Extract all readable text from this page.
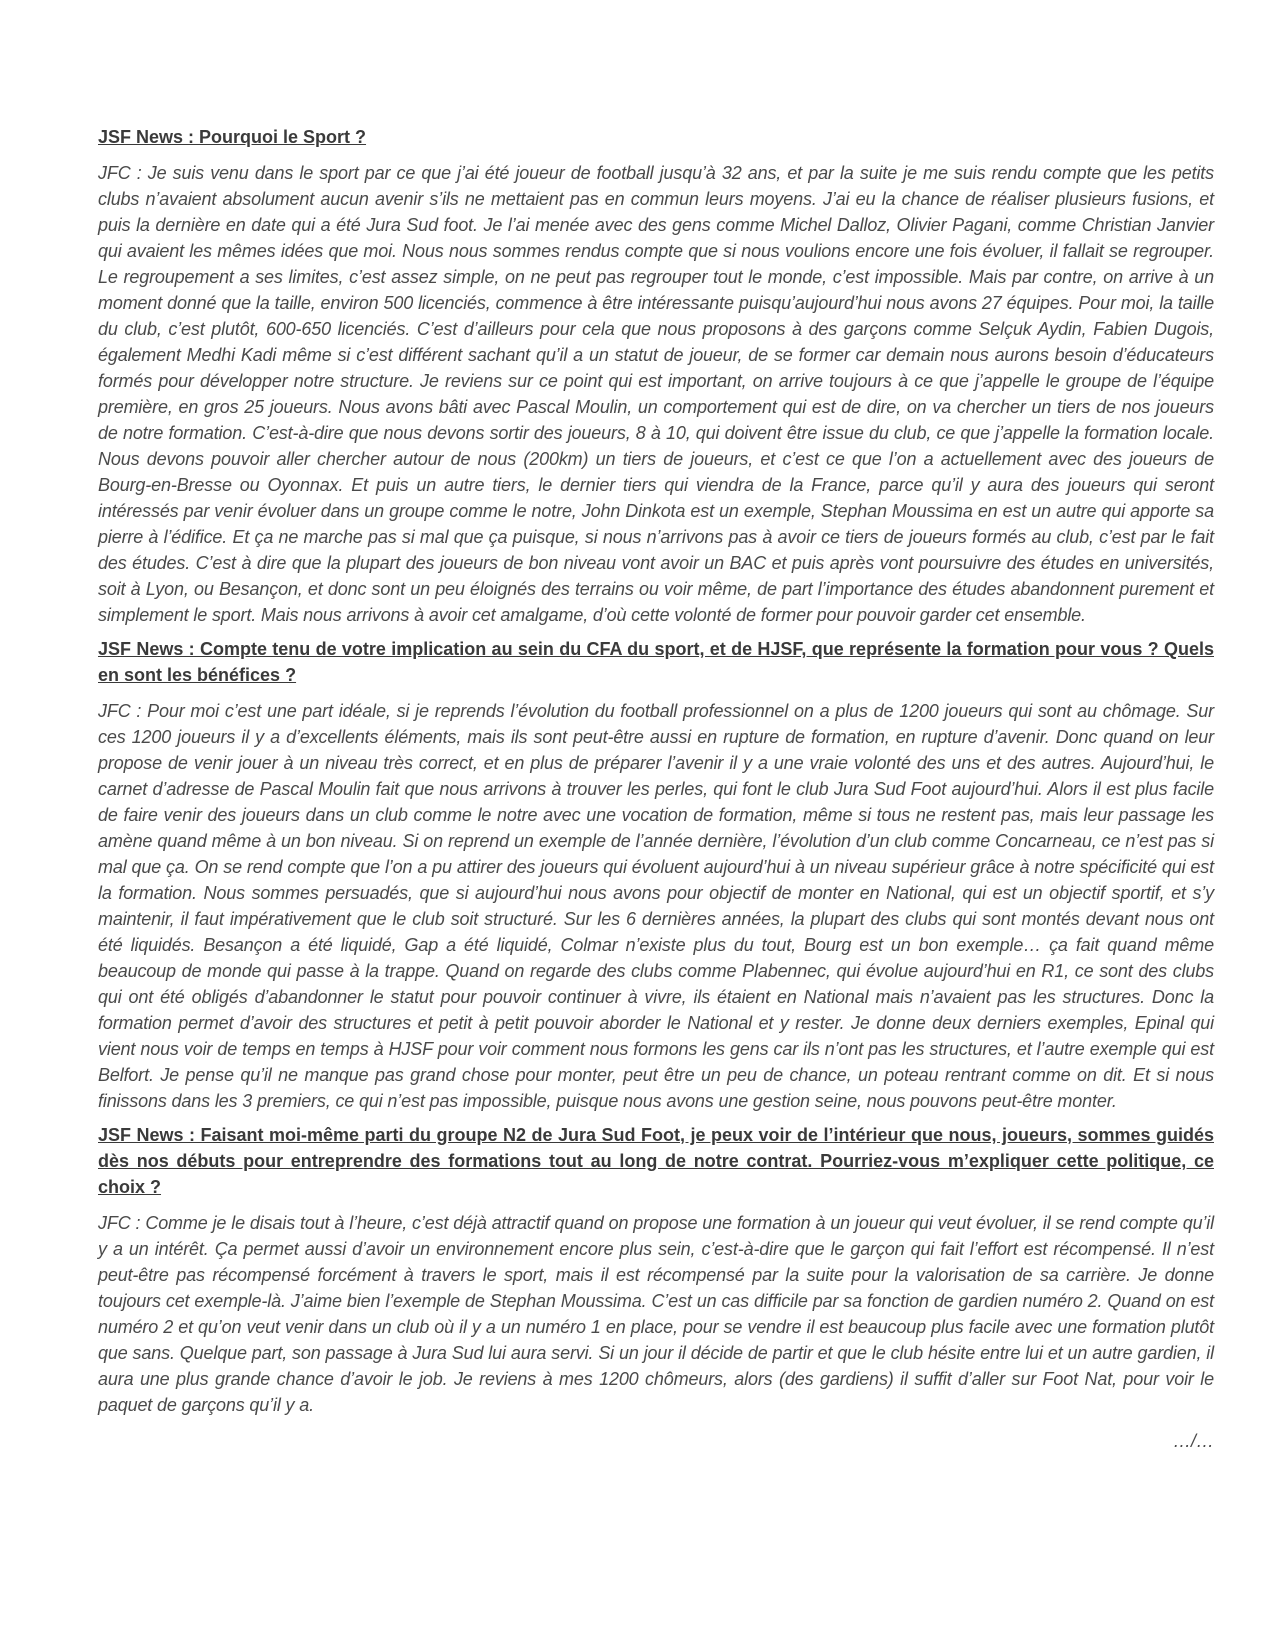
JSF News : Pourquoi le Sport ?

JFC : Je suis venu dans le sport par ce que j’ai été joueur de football jusqu’à 32 ans, et par la suite je me suis rendu compte que les petits clubs n’avaient absolument aucun avenir s’ils ne mettaient pas en commun leurs moyens. J’ai eu la chance de réaliser plusieurs fusions, et puis la dernière en date qui a été Jura Sud foot. Je l’ai menée avec des gens comme Michel Dalloz, Olivier Pagani, comme Christian Janvier qui avaient les mêmes idées que moi. Nous nous sommes rendus compte que si nous voulions encore une fois évoluer, il fallait se regrouper. Le regroupement a ses limites, c’est assez simple, on ne peut pas regrouper tout le monde, c’est impossible. Mais par contre, on arrive à un moment donné que la taille, environ 500 licenciés, commence à être intéressante puisqu’aujourd’hui nous avons 27 équipes. Pour moi, la taille du club, c’est plutôt, 600-650 licenciés. C’est d’ailleurs pour cela que nous proposons à des garçons comme Selçuk Aydin, Fabien Dugois, également Medhi Kadi même si c’est différent sachant qu’il a un statut de joueur, de se former car demain nous aurons besoin d’éducateurs formés pour développer notre structure. Je reviens sur ce point qui est important, on arrive toujours à ce que j’appelle le groupe de l’équipe première, en gros 25 joueurs. Nous avons bâti avec Pascal Moulin, un comportement qui est de dire, on va chercher un tiers de nos joueurs de notre formation. C’est-à-dire que nous devons sortir des joueurs, 8 à 10, qui doivent être issue du club, ce que j’appelle la formation locale. Nous devons pouvoir aller chercher autour de nous (200km) un tiers de joueurs, et c’est ce que l’on a actuellement avec des joueurs de Bourg-en-Bresse ou Oyonnax. Et puis un autre tiers, le dernier tiers qui viendra de la France, parce qu’il y aura des joueurs qui seront intéressés par venir évoluer dans un groupe comme le notre, John Dinkota est un exemple, Stephan Moussima en est un autre qui apporte sa pierre à l’édifice. Et ça ne marche pas si mal que ça puisque, si nous n’arrivons pas à avoir ce tiers de joueurs formés au club, c’est par le fait des études. C’est à dire que la plupart des joueurs de bon niveau vont avoir un BAC et puis après vont poursuivre des études en universités, soit à Lyon, ou Besançon, et donc sont un peu éloignés des terrains ou voir même, de part l’importance des études abandonnent purement et simplement le sport. Mais nous arrivons à avoir cet amalgame, d’où cette volonté de former pour pouvoir garder cet ensemble.

JSF News : Compte tenu de votre implication au sein du CFA du sport, et de HJSF, que représente la formation pour vous ? Quels en sont les bénéfices ?

JFC : Pour moi c’est une part idéale, si je reprends l’évolution du football professionnel on a plus de 1200 joueurs qui sont au chômage. Sur ces 1200 joueurs il y a d’excellents éléments, mais ils sont peut-être aussi en rupture de formation, en rupture d’avenir. Donc quand on leur propose de venir jouer à un niveau très correct, et en plus de préparer l’avenir il y a une vraie volonté des uns et des autres. Aujourd’hui, le carnet d’adresse de Pascal Moulin fait que nous arrivons à trouver les perles, qui font le club Jura Sud Foot aujourd’hui. Alors il est plus facile de faire venir des joueurs dans un club comme le notre avec une vocation de formation, même si tous ne restent pas, mais leur passage les amène quand même à un bon niveau. Si on reprend un exemple de l’année dernière, l’évolution d’un club comme Concarneau, ce n’est pas si mal que ça. On se rend compte que l’on a pu attirer des joueurs qui évoluent aujourd’hui à un niveau supérieur grâce à notre spécificité qui est la formation. Nous sommes persuadés, que si aujourd’hui nous avons pour objectif de monter en National, qui est un objectif sportif, et s’y maintenir, il faut impérativement que le club soit structuré. Sur les 6 dernières années, la plupart des clubs qui sont montés devant nous ont été liquidés. Besançon a été liquidé, Gap a été liquidé, Colmar n’existe plus du tout, Bourg est un bon exemple… ça fait quand même beaucoup de monde qui passe à la trappe. Quand on regarde des clubs comme Plabennec, qui évolue aujourd’hui en R1, ce sont des clubs qui ont été obligés d’abandonner le statut pour pouvoir continuer à vivre, ils étaient en National mais n’avaient pas les structures. Donc la formation permet d’avoir des structures et petit à petit pouvoir aborder le National et y rester. Je donne deux derniers exemples, Epinal qui vient nous voir de temps en temps à HJSF pour voir comment nous formons les gens car ils n’ont pas les structures, et l’autre exemple qui est Belfort. Je pense qu’il ne manque pas grand chose pour monter, peut être un peu de chance, un poteau rentrant comme on dit. Et si nous finissons dans les 3 premiers, ce qui n’est pas impossible, puisque nous avons une gestion seine, nous pouvons peut-être monter.

JSF News : Faisant moi-même parti du groupe N2 de Jura Sud Foot, je peux voir de l’intérieur que nous, joueurs, sommes guidés dès nos débuts pour entreprendre des formations tout au long de notre contrat. Pourriez-vous m’expliquer cette politique, ce choix ?

JFC : Comme je le disais tout à l’heure, c’est déjà attractif quand on propose une formation à un joueur qui veut évoluer, il se rend compte qu’il y a un intérêt. Ça permet aussi d’avoir un environnement encore plus sein, c’est-à-dire que le garçon qui fait l’effort est récompensé. Il n’est peut-être pas récompensé forcément à travers le sport, mais il est récompensé par la suite pour la valorisation de sa carrière. Je donne toujours cet exemple-là. J’aime bien l’exemple de Stephan Moussima. C’est un cas difficile par sa fonction de gardien numéro 2. Quand on est numéro 2 et qu’on veut venir dans un club où il y a un numéro 1 en place, pour se vendre il est beaucoup plus facile avec une formation plutôt que sans. Quelque part, son passage à Jura Sud lui aura servi. Si un jour il décide de partir et que le club hésite entre lui et un autre gardien, il aura une plus grande chance d’avoir le job. Je reviens à mes 1200 chômeurs, alors (des gardiens) il suffit d’aller sur Foot Nat, pour voir le paquet de garçons qu’il y a.

…/…
